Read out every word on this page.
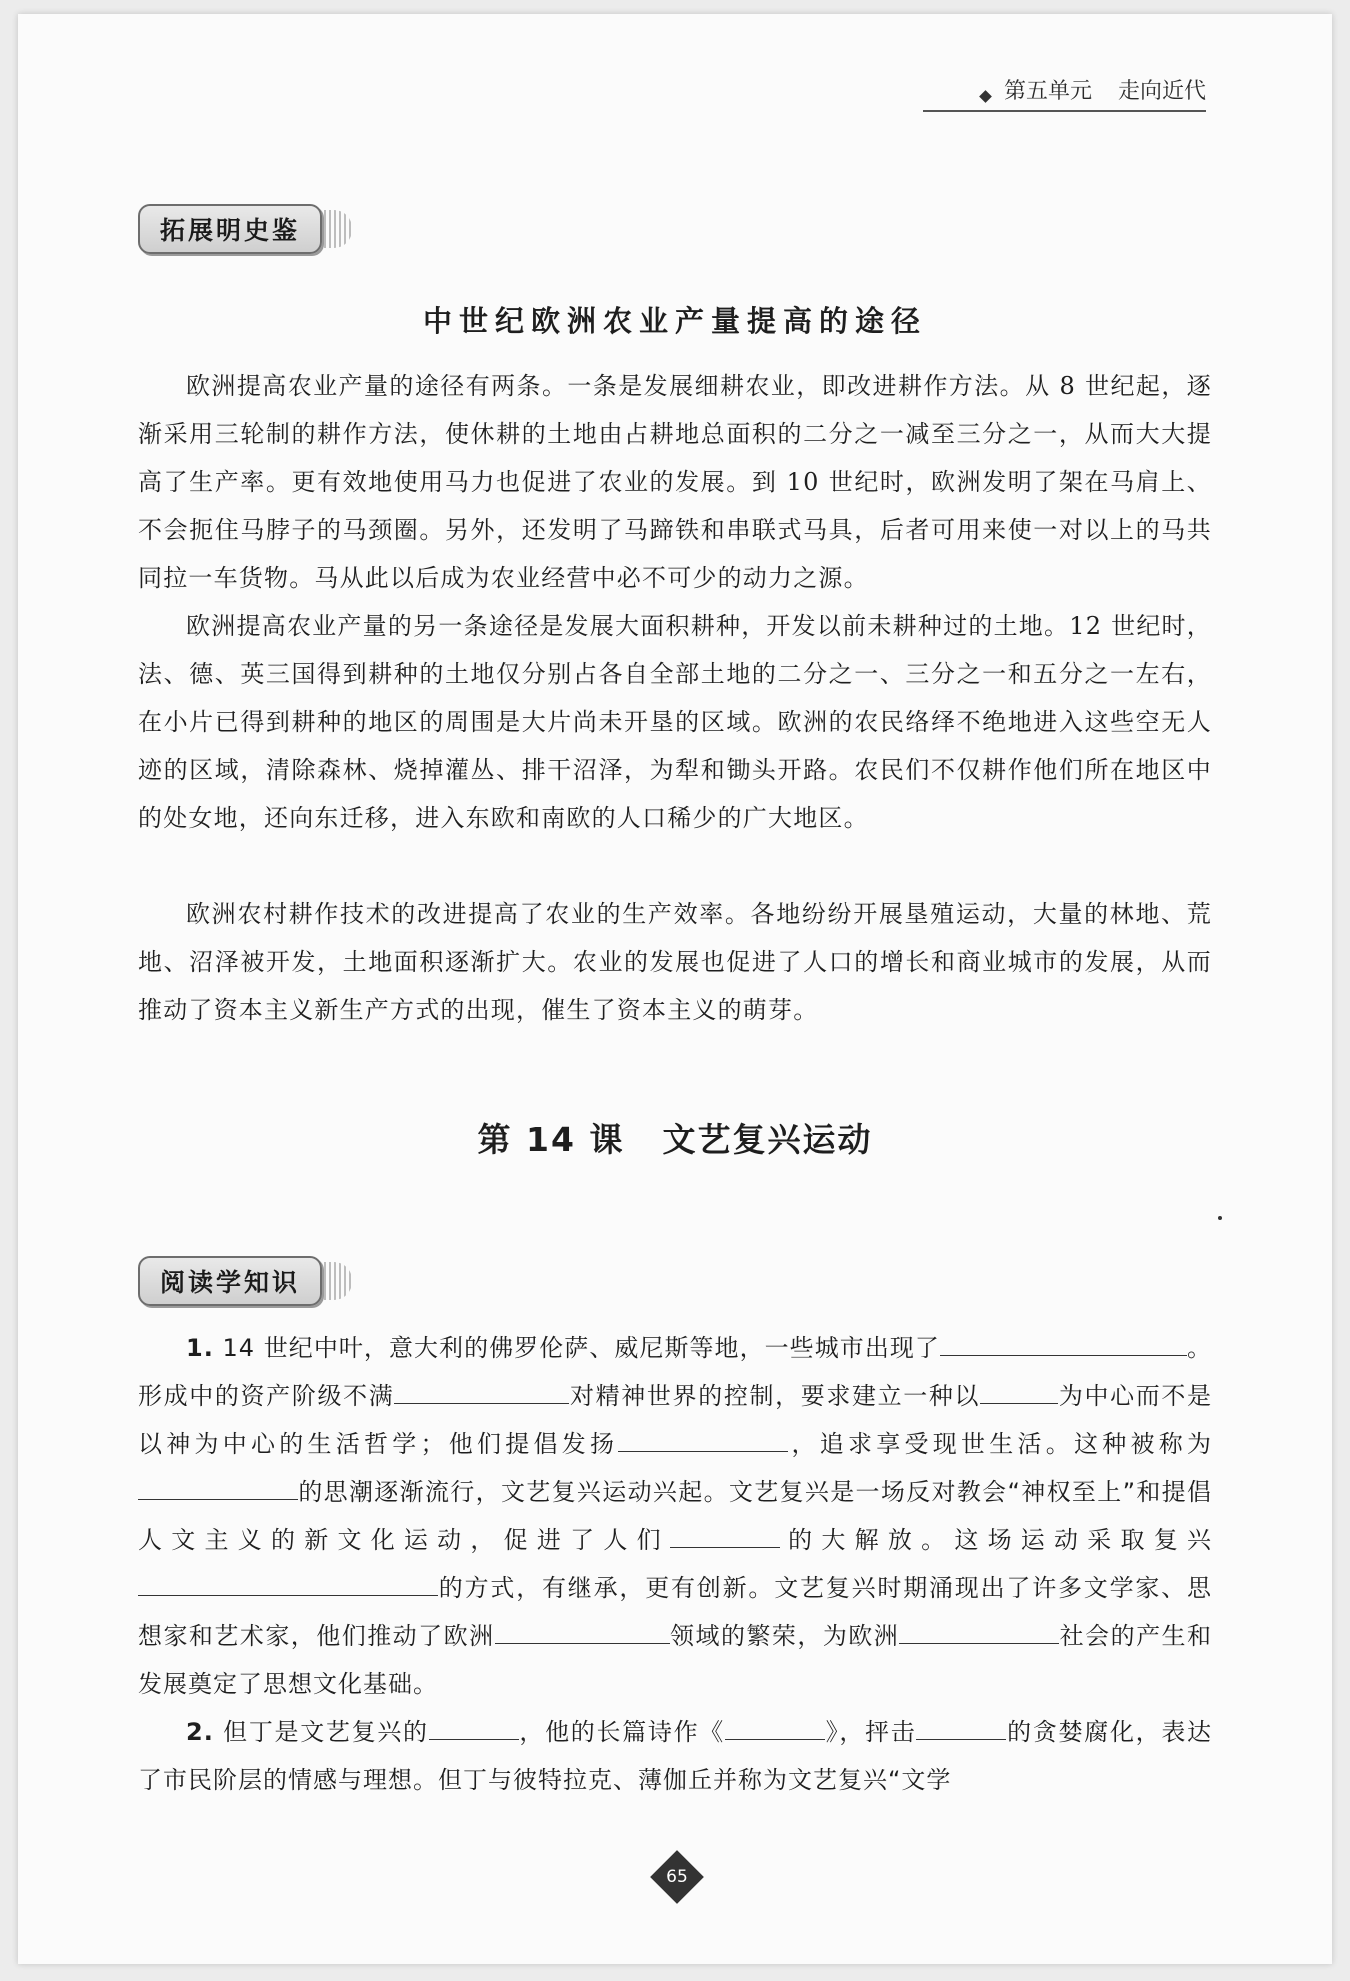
第五单元 走向近代
拓展明史鉴
中世纪欧洲农业产量提高的途径

欧洲提高农业产量的途径有两条。一条是发展细耕农业，即改进耕作方法。从 8 世纪起，逐渐采用三轮制的耕作方法，使休耕的土地由占耕地总面积的二分之一减至三分之一，从而大大提高了生产率。更有效地使用马力也促进了农业的发展。到 10 世纪时，欧洲发明了架在马肩上、不会扼住马脖子的马颈圈。另外，还发明了马蹄铁和串联式马具，后者可用来使一对以上的马共同拉一车货物。马从此以后成为农业经营中必不可少的动力之源。

欧洲提高农业产量的另一条途径是发展大面积耕种，开发以前未耕种过的土地。12 世纪时，法、德、英三国得到耕种的土地仅分别占各自全部土地的二分之一、三分之一和五分之一左右，在小片已得到耕种的地区的周围是大片尚未开垦的区域。欧洲的农民络绎不绝地进入这些空无人迹的区域，清除森林、烧掉灌丛、排干沼泽，为犁和锄头开路。农民们不仅耕作他们所在地区中的处女地，还向东迁移，进入东欧和南欧的人口稀少的广大地区。

欧洲农村耕作技术的改进提高了农业的生产效率。各地纷纷开展垦殖运动，大量的林地、荒地、沼泽被开发，土地面积逐渐扩大。农业的发展也促进了人口的增长和商业城市的发展，从而推动了资本主义新生产方式的出现，催生了资本主义的萌芽。

第 14 课 文艺复兴运动
阅读学知识

1. 14 世纪中叶，意大利的佛罗伦萨、威尼斯等地，一些城市出现了	。形成中的资产阶级不满	对精神世界的控制，要求建立一种以	为中心而不是以神为中心的生活哲学；他们提倡发扬	，追求享受现世生活。这种被称为的思潮逐渐流行，文艺复兴运动兴起。文艺复兴是一场反对教会“神权至上”和提倡人文主义的新文化运动，促进了人们	的大解放。这场运动采取复兴的方式，有继承，更有创新。文艺复兴时期涌现出了许多文学家、思想家和艺术家，他们推动了欧洲	领域的繁荣，为欧洲	社会的产生和发展奠定了思想文化基础。

2. 但丁是文艺复兴的	，他的长篇诗作《	》，抨击	的贪婪腐化，表达了市民阶层的情感与理想。但丁与彼特拉克、薄伽丘并称为文艺复兴“文学

65
